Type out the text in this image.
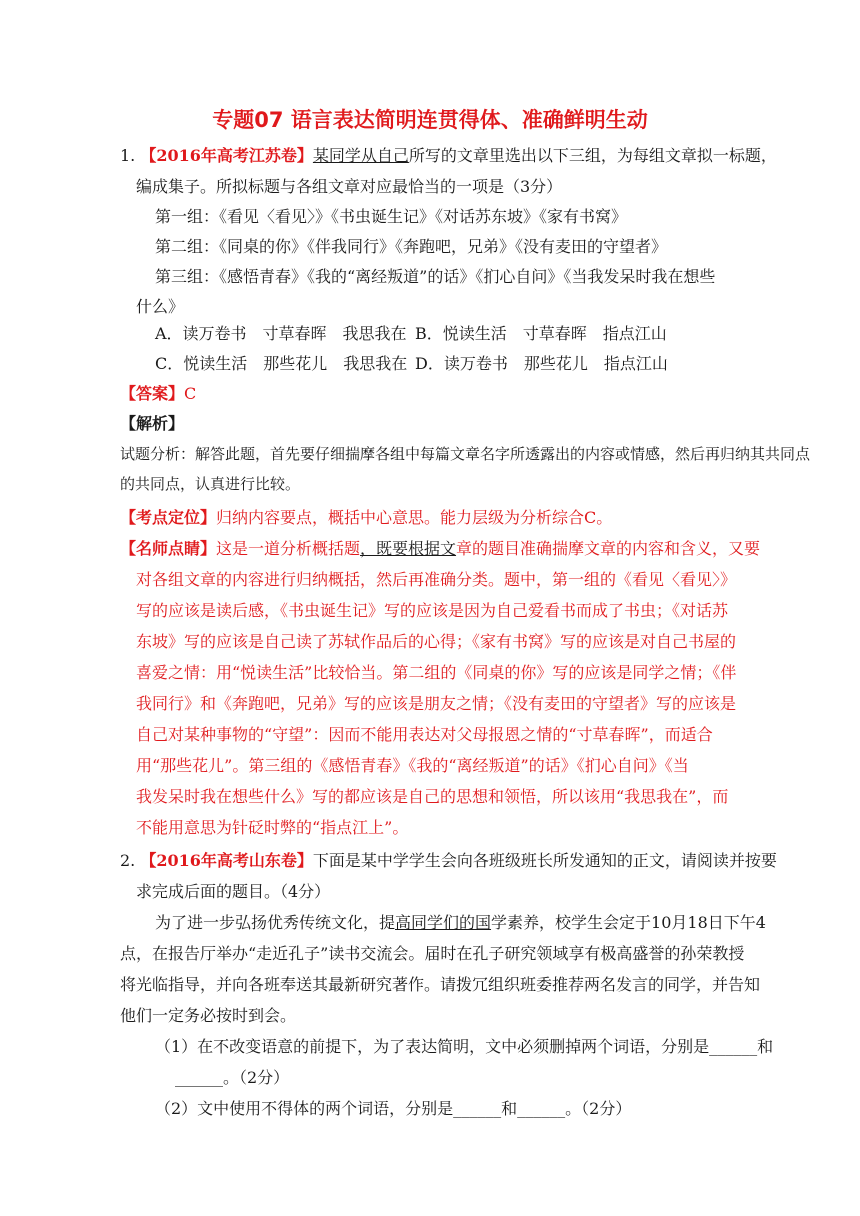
专题07 语言表达简明连贯得体、准确鲜明生动
1. 【2016年高考江苏卷】某同学从自己所写的文章里选出以下三组，为每组文章拟一标题，
编成集子。所拟标题与各组文章对应最恰当的一项是（3分）
第一组：《看见〈看见〉》《书虫诞生记》《对话苏东坡》《家有书窝》
第二组：《同桌的你》《伴我同行》《奔跑吧，兄弟》《没有麦田的守望者》
第三组：《感悟青春》《我的“离经叛道”的话》《扪心自问》《当我发呆时我在想些
什么》
A．读万卷书　寸草春晖　我思我在 B．悦读生活　寸草春晖　指点江山
C．悦读生活　那些花儿　我思我在 D．读万卷书　那些花儿　指点江山
【答案】C
【解析】
试题分析：解答此题，首先要仔细揣摩各组中每篇文章名字所透露出的内容或情感，然后再归纳其共同点
的共同点，认真进行比较。
【考点定位】归纳内容要点，概括中心意思。能力层级为分析综合C。
【名师点睛】这是一道分析概括题，既要根据文章的题目准确揣摩文章的内容和含义，又要
对各组文章的内容进行归纳概括，然后再准确分类。题中，第一组的《看见〈看见〉》
写的应该是读后感，《书虫诞生记》写的应该是因为自己爱看书而成了书虫；《对话苏
东坡》写的应该是自己读了苏轼作品后的心得；《家有书窝》写的应该是对自己书屋的
喜爱之情：用“悦读生活”比较恰当。第二组的《同桌的你》写的应该是同学之情；《伴
我同行》和《奔跑吧，兄弟》写的应该是朋友之情；《没有麦田的守望者》写的应该是
自己对某种事物的“守望”：因而不能用表达对父母报恩之情的“寸草春晖”，而适合
用“那些花儿”。第三组的《感悟青春》《我的“离经叛道”的话》《扪心自问》《当
我发呆时我在想些什么》写的都应该是自己的思想和领悟，所以该用“我思我在”，而
不能用意思为针砭时弊的“指点江上”。
2. 【2016年高考山东卷】下面是某中学学生会向各班级班长所发通知的正文，请阅读并按要
求完成后面的题目。（4分）
为了进一步弘扬优秀传统文化，提高同学们的国学素养，校学生会定于10月18日下午4
点，在报告厅举办“走近孔子”读书交流会。届时在孔子研究领域享有极高盛誉的孙荣教授
将光临指导，并向各班奉送其最新研究著作。请拨冗组织班委推荐两名发言的同学，并告知
他们一定务必按时到会。
（1）在不改变语意的前提下，为了表达简明，文中必须删掉两个词语，分别是______和
______。（2分）
（2）文中使用不得体的两个词语，分别是______和______。（2分）
